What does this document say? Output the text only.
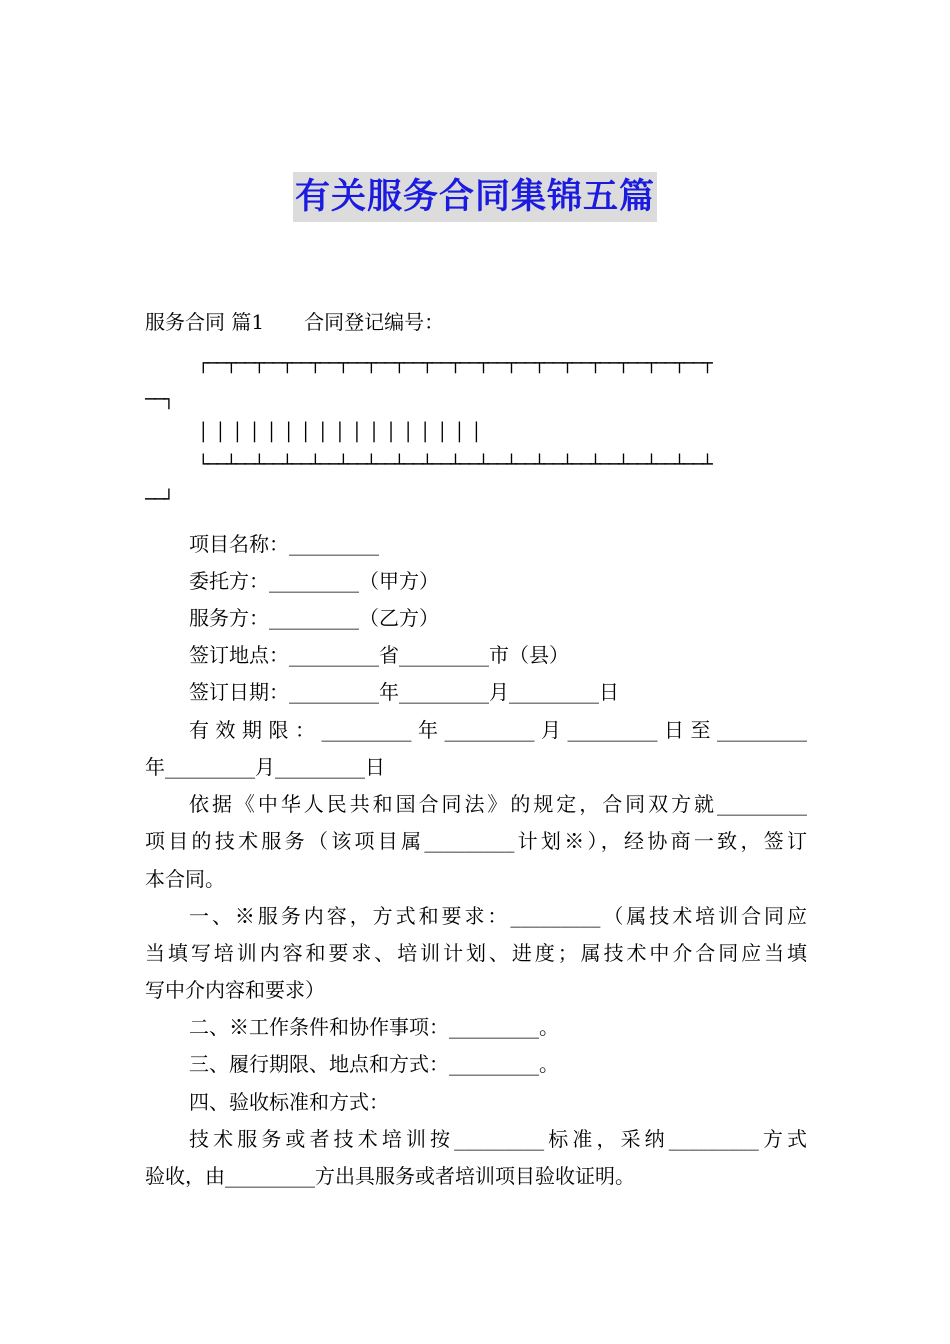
有关服务合同集锦五篇
服务合同 篇1 合同登记编号：
┌──┬──┬──┬──┬──┬──┬──┬──┬──┬──┬──┬──┬──┬──┬──┬──┬──┬──┬
──┐
│ │ │ │ │ │ │ │ │ │ │ │ │ │ │ │ │
└──┴──┴──┴──┴──┴──┴──┴──┴──┴──┴──┴──┴──┴──┴──┴──┴──┴──┴
──┘
项目名称：_________
委托方：_________（甲方）
服务方：_________（乙方）
签订地点：_________省_________市（县）
签订日期：_________年_________月_________日
有效期限：_________年_________月_________日至_________
年_________月_________日
依据《中华人民共和国合同法》的规定，合同双方就_________
项目的技术服务（该项目属_________计划※），经协商一致，签订
本合同。
一、※服务内容，方式和要求：_________（属技术培训合同应
当填写培训内容和要求、培训计划、进度；属技术中介合同应当填
写中介内容和要求）
二、※工作条件和协作事项：_________。
三、履行期限、地点和方式：_________。
四、验收标准和方式：
技术服务或者技术培训按_________标准，采纳_________方式
验收，由_________方出具服务或者培训项目验收证明。
